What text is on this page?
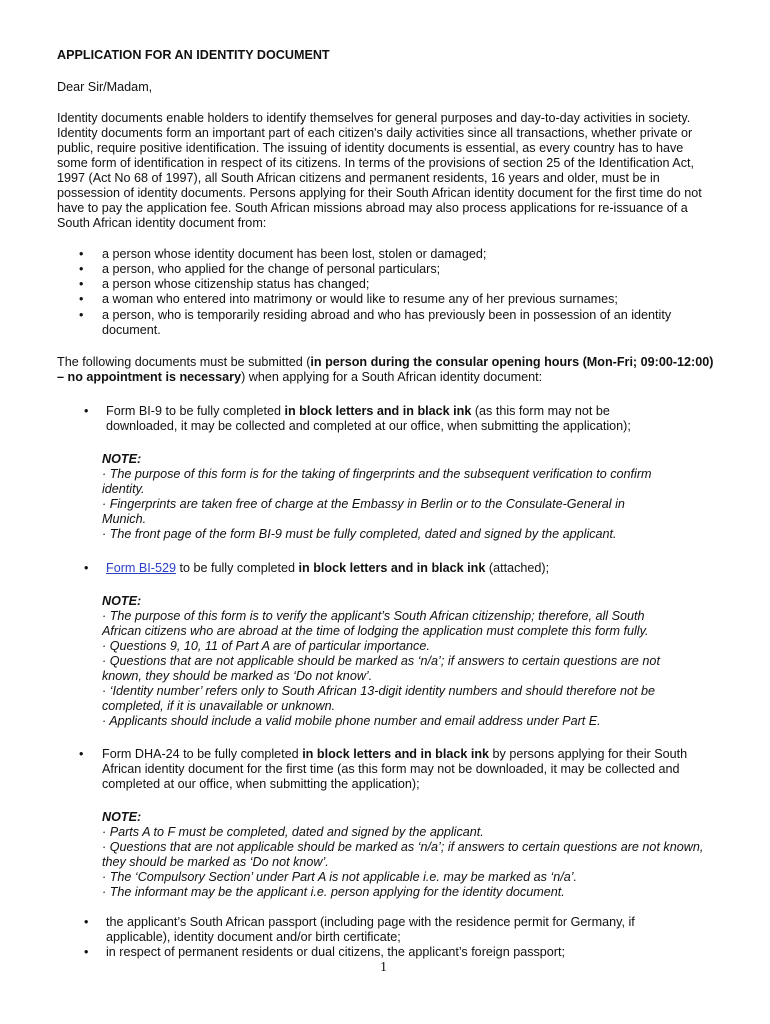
APPLICATION FOR AN IDENTITY DOCUMENT
Dear Sir/Madam,
Identity documents enable holders to identify themselves for general purposes and day-to-day activities in society.
Identity documents form an important part of each citizen's daily activities since all transactions, whether private or
public, require positive identification. The issuing of identity documents is essential, as every country has to have
some form of identification in respect of its citizens. In terms of the provisions of section 25 of the Identification Act,
1997 (Act No 68 of 1997), all South African citizens and permanent residents, 16 years and older, must be in
possession of identity documents. Persons applying for their South African identity document for the first time do not
have to pay the application fee. South African missions abroad may also process applications for re-issuance of a
South African identity document from:
• a person whose identity document has been lost, stolen or damaged;
• a person, who applied for the change of personal particulars;
• a person whose citizenship status has changed;
• a woman who entered into matrimony or would like to resume any of her previous surnames;
• a person, who is temporarily residing abroad and who has previously been in possession of an identity
document.
The following documents must be submitted (in person during the consular opening hours (Mon-Fri; 09:00-12:00)
– no appointment is necessary) when applying for a South African identity document:
• Form BI-9 to be fully completed in block letters and in black ink (as this form may not be
downloaded, it may be collected and completed at our office, when submitting the application);
NOTE:
· The purpose of this form is for the taking of fingerprints and the subsequent verification to confirm
identity.
· Fingerprints are taken free of charge at the Embassy in Berlin or to the Consulate-General in
Munich.
· The front page of the form BI-9 must be fully completed, dated and signed by the applicant.
• Form BI-529 to be fully completed in block letters and in black ink (attached);
NOTE:
· The purpose of this form is to verify the applicant’s South African citizenship; therefore, all South
African citizens who are abroad at the time of lodging the application must complete this form fully.
· Questions 9, 10, 11 of Part A are of particular importance.
· Questions that are not applicable should be marked as ‘n/a’; if answers to certain questions are not
known, they should be marked as ‘Do not know’.
· ‘Identity number’ refers only to South African 13-digit identity numbers and should therefore not be
completed, if it is unavailable or unknown.
· Applicants should include a valid mobile phone number and email address under Part E.
• Form DHA-24 to be fully completed in block letters and in black ink by persons applying for their South
African identity document for the first time (as this form may not be downloaded, it may be collected and
completed at our office, when submitting the application);
NOTE:
· Parts A to F must be completed, dated and signed by the applicant.
· Questions that are not applicable should be marked as ‘n/a’; if answers to certain questions are not known,
they should be marked as ‘Do not know’.
· The ‘Compulsory Section’ under Part A is not applicable i.e. may be marked as ‘n/a’.
· The informant may be the applicant i.e. person applying for the identity document.
• the applicant’s South African passport (including page with the residence permit for Germany, if
applicable), identity document and/or birth certificate;
• in respect of permanent residents or dual citizens, the applicant’s foreign passport;
1
